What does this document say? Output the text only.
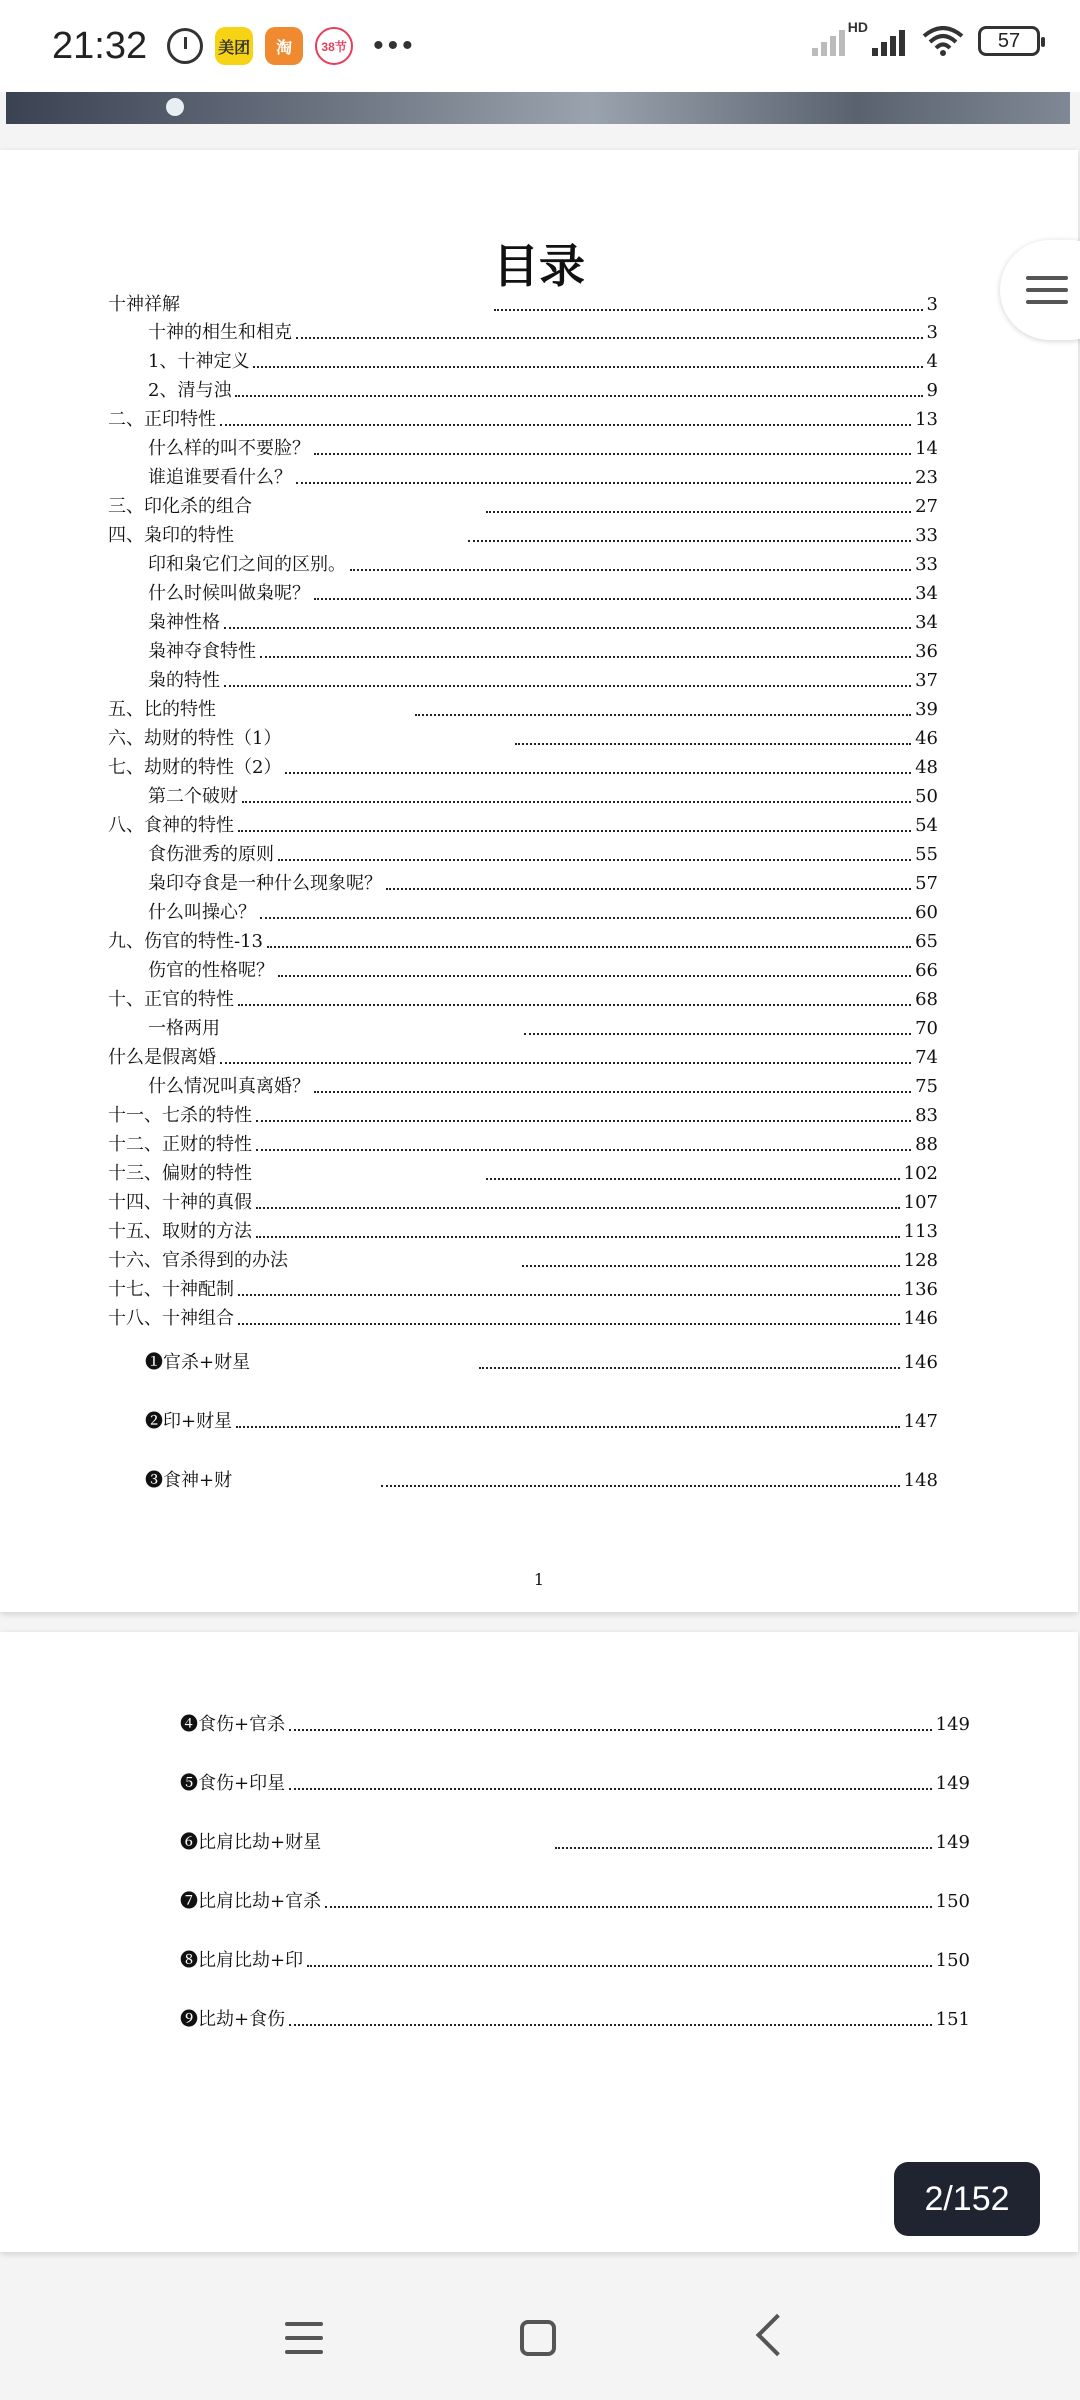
21:32	美团	淘	38节 •••
HD
57
目录
十神祥解	3
十神的相生和相克	3
1、十神定义	4
2、清与浊	9
二、正印特性	13
什么样的叫不要脸？	14
谁追谁要看什么？	23
三、印化杀的组合	27
四、枭印的特性	33
印和枭它们之间的区别。	33
什么时候叫做枭呢？	34
枭神性格	34
枭神夺食特性	36
枭的特性	37
五、比的特性	39
六、劫财的特性（1）	46
七、劫财的特性（2）	48
第二个破财	50
八、食神的特性	54
食伤泄秀的原则	55
枭印夺食是一种什么现象呢？	57
什么叫操心？	60
九、伤官的特性-13	65
伤官的性格呢？	66
十、正官的特性	68
一格两用	70
什么是假离婚	74
什么情况叫真离婚？	75
十一、七杀的特性	83
十二、正财的特性	88
十三、偏财的特性	102
十四、十神的真假	107
十五、取财的方法	113
十六、官杀得到的办法	128
十七、十神配制	136
十八、十神组合	146
❶官杀+财星	146
❷印+财星	147
❸食神+财	148
1
❹食伤+官杀	149
❺食伤+印星	149
❻比肩比劫+财星	149
❼比肩比劫+官杀	150
❽比肩比劫+印	150
❾比劫+食伤	151
2/152
